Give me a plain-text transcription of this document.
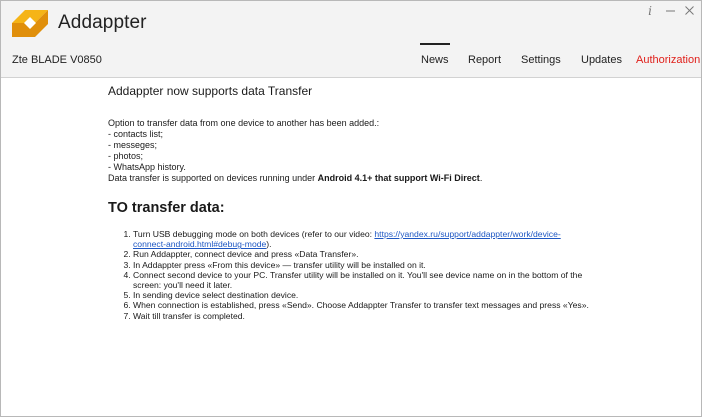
Addappter
i
Zte BLADE V0850	News Report Settings Updates Authorization
Addappter now supports data Transfer
Option to transfer data from one device to another has been added.:
- contacts list;
- messeges;
- photos;
- WhatsApp history.
Data transfer is supported on devices running under Android 4.1+ that support Wi-Fi Direct.
TO transfer data:
1. Turn USB debugging mode on both devices (refer to our video: https://yandex.ru/support/addappter/work/device-
connect-android.html#debug-mode).
2. Run Addappter, connect device and press «Data Transfer».
3. In Addappter press «From this device» — transfer utility will be installed on it.
4. Connect second device to your PC. Transfer utility will be installed on it. You'll see device name on in the bottom of the screen: you'll need it later.
5. In sending device select destination device.
6. When connection is established, press «Send». Choose Addappter Transfer to transfer text messages and press «Yes».
7. Wait till transfer is completed.
